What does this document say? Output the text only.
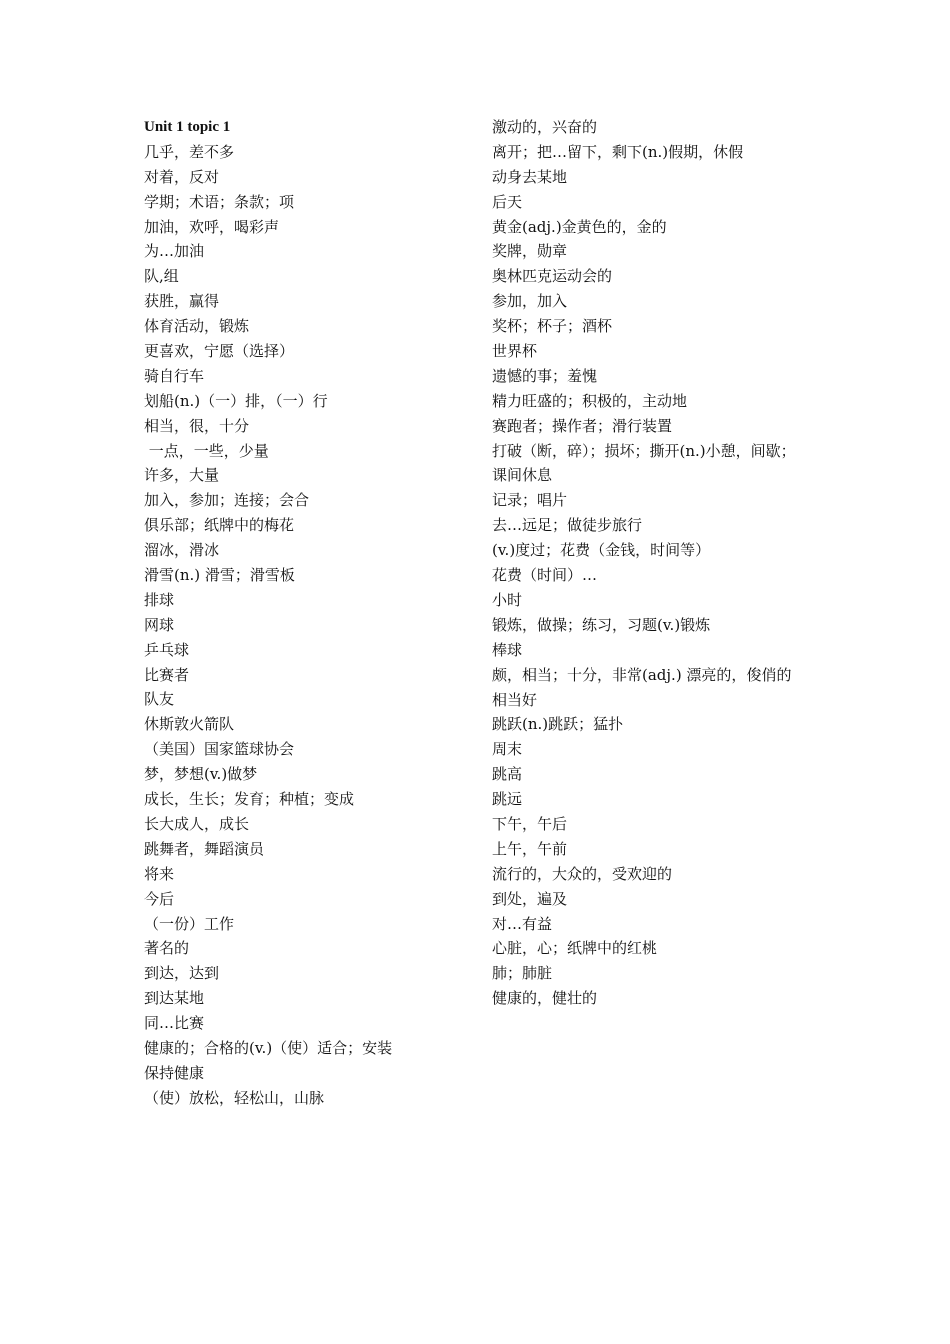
Unit 1 topic 1
几乎，差不多
对着，反对
学期；术语；条款；项
加油，欢呼，喝彩声
为…加油
队,组
获胜，赢得
体育活动，锻炼
更喜欢，宁愿（选择）
骑自行车
划船(n.)（一）排，（一）行
相当，很，十分
一点，一些，少量
许多，大量
加入，参加；连接；会合
俱乐部；纸牌中的梅花
溜冰，滑冰
滑雪(n.) 滑雪；滑雪板
排球
网球
乒乓球
比赛者
队友
休斯敦火箭队
（美国）国家篮球协会
梦，梦想(v.)做梦
成长，生长；发育；种植；变成
长大成人，成长
跳舞者，舞蹈演员
将来
今后
（一份）工作
著名的
到达，达到
到达某地
同…比赛
健康的；合格的(v.)（使）适合；安装
保持健康
（使）放松，轻松山，山脉
激动的，兴奋的
离开；把…留下，剩下(n.)假期，休假
动身去某地
后天
黄金(adj.)金黄色的，金的
奖牌，勋章
奥林匹克运动会的
参加，加入
奖杯；杯子；酒杯
世界杯
遗憾的事；羞愧
精力旺盛的；积极的，主动地
赛跑者；操作者；滑行装置
打破（断，碎）；损坏；撕开(n.)小憩，间歇；
课间休息
记录；唱片
去…远足；做徒步旅行
(v.)度过；花费（金钱，时间等）
花费（时间）…
小时
锻炼，做操；练习，习题(v.)锻炼
棒球
颇，相当；十分，非常(adj.) 漂亮的，俊俏的
相当好
跳跃(n.)跳跃；猛扑
周末
跳高
跳远
下午，午后
上午，午前
流行的，大众的，受欢迎的
到处，遍及
对…有益
心脏，心；纸牌中的红桃
肺；肺脏
健康的，健壮的
